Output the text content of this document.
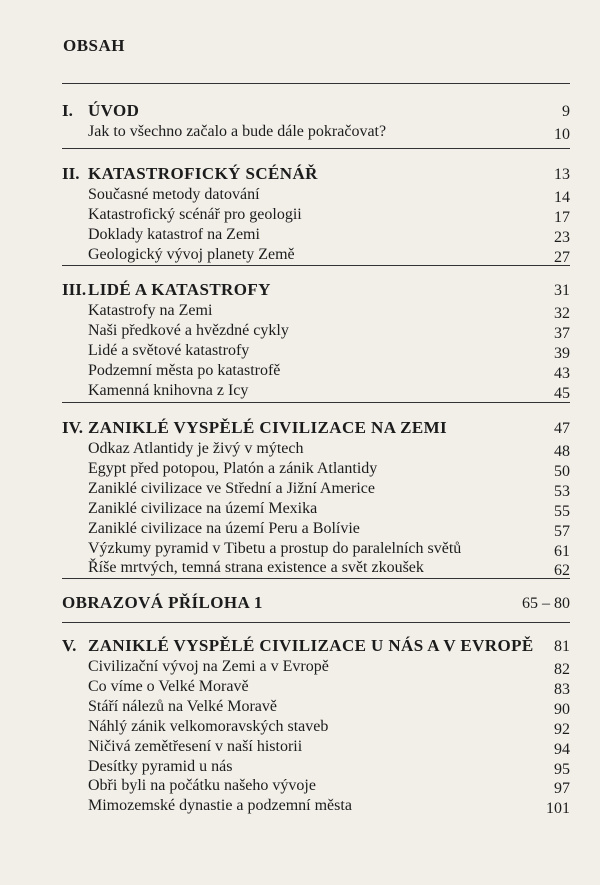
OBSAH
I. ÚVOD	9
Jak to všechno začalo a bude dále pokračovat?	10
II. KATASTROFICKÝ SCÉNÁŘ	13
Současné metody datování	14
Katastrofický scénář pro geologii	17
Doklady katastrof na Zemi	23
Geologický vývoj planety Země	27
III. LIDÉ A KATASTROFY	31
Katastrofy na Zemi	32
Naši předkové a hvězdné cykly	37
Lidé a světové katastrofy	39
Podzemní města po katastrofě	43
Kamenná knihovna z Icy	45
IV. ZANIKLÉ VYSPĚLÉ CIVILIZACE NA ZEMI	47
Odkaz Atlantidy je živý v mýtech	48
Egypt před potopou, Platón a zánik Atlantidy	50
Zaniklé civilizace ve Střední a Jižní Americe	53
Zaniklé civilizace na území Mexika	55
Zaniklé civilizace na území Peru a Bolívie	57
Výzkumy pyramid v Tibetu a prostup do paralelních světů	61
Říše mrtvých, temná strana existence a svět zkoušek	62
OBRAZOVÁ PŘÍLOHA 1	65 – 80
V. ZANIKLÉ VYSPĚLÉ CIVILIZACE U NÁS A V EVROPĚ 81
Civilizační vývoj na Zemi a v Evropě	82
Co víme o Velké Moravě	83
Stáří nálezů na Velké Moravě	90
Náhlý zánik velkomoravských staveb	92
Ničivá zemětřesení v naší historii	94
Desítky pyramid u nás	95
Obři byli na počátku našeho vývoje	97
Mimozemské dynastie a podzemní města	101
